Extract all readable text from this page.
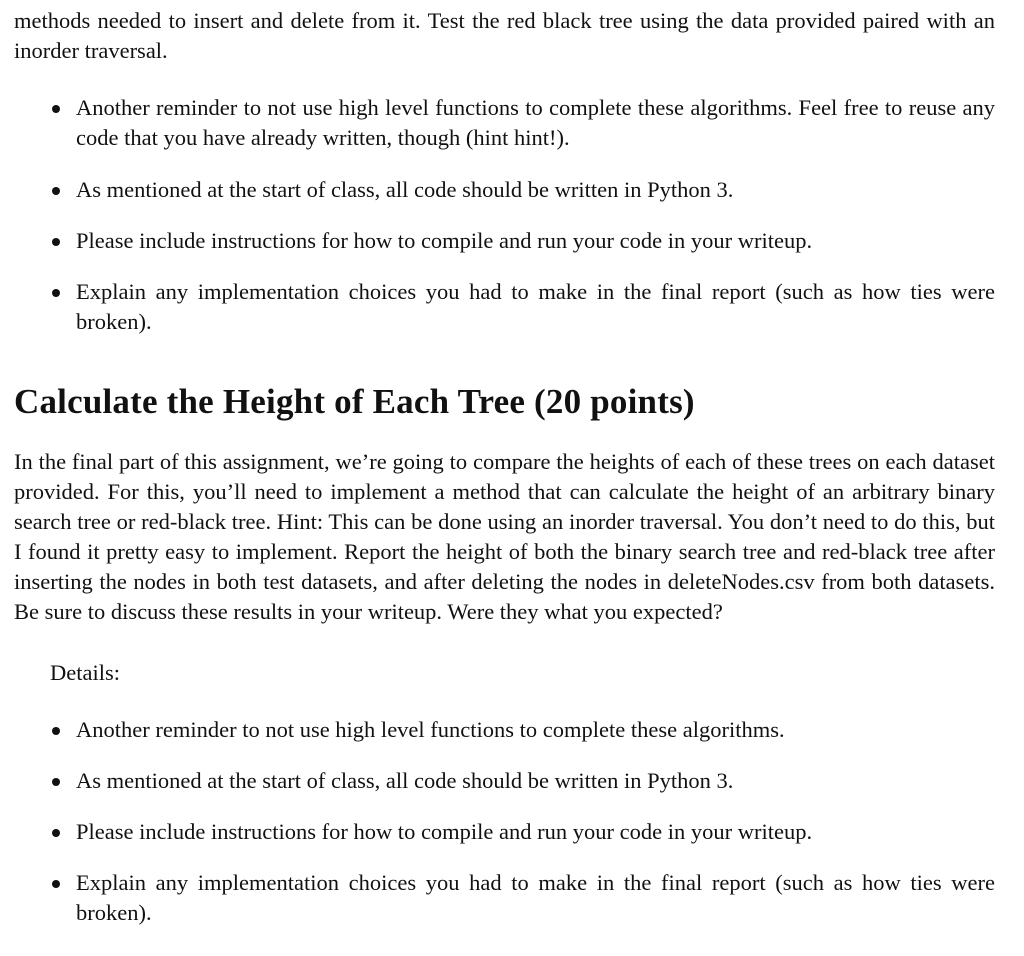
methods needed to insert and delete from it. Test the red black tree using the data provided paired with an inorder traversal.

Another reminder to not use high level functions to complete these algorithms. Feel free to reuse any code that you have already written, though (hint hint!).
As mentioned at the start of class, all code should be written in Python 3.
Please include instructions for how to compile and run your code in your writeup.
Explain any implementation choices you had to make in the final report (such as how ties were broken).
Calculate the Height of Each Tree (20 points)

In the final part of this assignment, we’re going to compare the heights of each of these trees on each dataset provided. For this, you’ll need to implement a method that can calculate the height of an arbitrary binary search tree or red-black tree. Hint: This can be done using an inorder traversal. You don’t need to do this, but I found it pretty easy to implement. Report the height of both the binary search tree and red-black tree after inserting the nodes in both test datasets, and after deleting the nodes in deleteNodes.csv from both datasets. Be sure to discuss these results in your writeup. Were they what you expected?

Details:

Another reminder to not use high level functions to complete these algorithms.
As mentioned at the start of class, all code should be written in Python 3.
Please include instructions for how to compile and run your code in your writeup.
Explain any implementation choices you had to make in the final report (such as how ties were broken).
